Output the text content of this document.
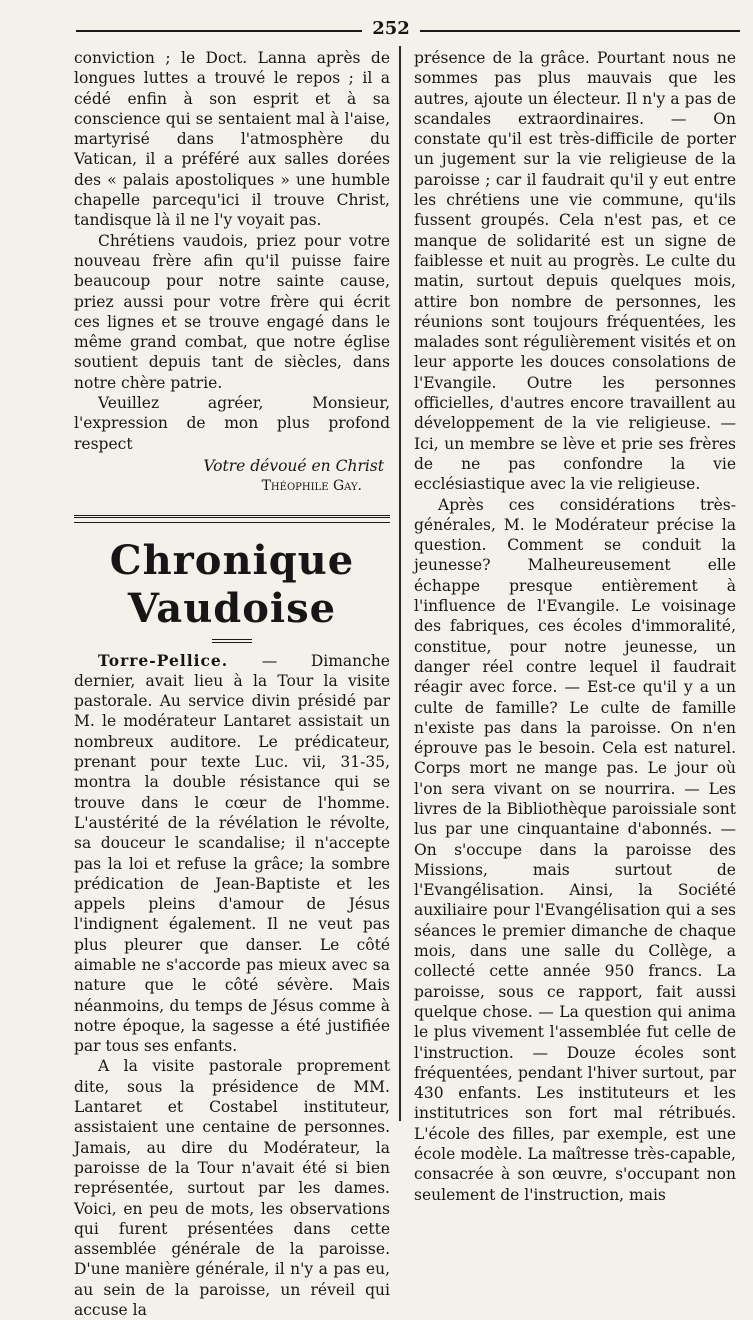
252

conviction ; le Doct. Lanna après de longues luttes a trouvé le repos ; il a cédé enfin à son esprit et à sa conscience qui se sentaient mal à l'aise, martyrisé dans l'atmosphère du Vatican, il a préféré aux salles dorées des « palais apostoliques » une humble chapelle parcequ'ici il trouve Christ, tandisque là il ne l'y voyait pas.

Chrétiens vaudois, priez pour votre nouveau frère afin qu'il puisse faire beaucoup pour notre sainte cause, priez aussi pour votre frère qui écrit ces lignes et se trouve engagé dans le même grand combat, que notre église soutient depuis tant de siècles, dans notre chère patrie.

Veuillez agréer, Monsieur, l'expression de mon plus profond respect

Votre dévoué en Christ

Théophile Gay.

Chronique Vaudoise

Torre-Pellice. — Dimanche dernier, avait lieu à la Tour la visite pastorale. Au service divin présidé par M. le modérateur Lantaret assistait un nombreux auditore. Le prédicateur, prenant pour texte Luc. vii, 31-35, montra la double résistance qui se trouve dans le cœur de l'homme. L'austérité de la révélation le révolte, sa douceur le scandalise; il n'accepte pas la loi et refuse la grâce; la sombre prédication de Jean-Baptiste et les appels pleins d'amour de Jésus l'indignent également. Il ne veut pas plus pleurer que danser. Le côté aimable ne s'accorde pas mieux avec sa nature que le côté sévère. Mais néanmoins, du temps de Jésus comme à notre époque, la sagesse a été justifiée par tous ses enfants.

A la visite pastorale proprement dite, sous la présidence de MM. Lantaret et Costabel instituteur, assistaient une centaine de personnes. Jamais, au dire du Modérateur, la paroisse de la Tour n'avait été si bien représentée, surtout par les dames. Voici, en peu de mots, les observations qui furent présentées dans cette assemblée générale de la paroisse. D'une manière générale, il n'y a pas eu, au sein de la paroisse, un réveil qui accuse la

présence de la grâce. Pourtant nous ne sommes pas plus mauvais que les autres, ajoute un électeur. Il n'y a pas de scandales extraordinaires. — On constate qu'il est très-difficile de porter un jugement sur la vie religieuse de la paroisse ; car il faudrait qu'il y eut entre les chrétiens une vie commune, qu'ils fussent groupés. Cela n'est pas, et ce manque de solidarité est un signe de faiblesse et nuit au progrès. Le culte du matin, surtout depuis quelques mois, attire bon nombre de personnes, les réunions sont toujours fréquentées, les malades sont régulièrement visités et on leur apporte les douces consolations de l'Evangile. Outre les personnes officielles, d'autres encore travaillent au développement de la vie religieuse. — Ici, un membre se lève et prie ses frères de ne pas confondre la vie ecclésiastique avec la vie religieuse.

Après ces considérations très-générales, M. le Modérateur précise la question. Comment se conduit la jeunesse? Malheureusement elle échappe presque entièrement à l'influence de l'Evangile. Le voisinage des fabriques, ces écoles d'immoralité, constitue, pour notre jeunesse, un danger réel contre lequel il faudrait réagir avec force. — Est-ce qu'il y a un culte de famille? Le culte de famille n'existe pas dans la paroisse. On n'en éprouve pas le besoin. Cela est naturel. Corps mort ne mange pas. Le jour où l'on sera vivant on se nourrira. — Les livres de la Bibliothèque paroissiale sont lus par une cinquantaine d'abonnés. — On s'occupe dans la paroisse des Missions, mais surtout de l'Evangélisation. Ainsi, la Société auxiliaire pour l'Evangélisation qui a ses séances le premier dimanche de chaque mois, dans une salle du Collège, a collecté cette année 950 francs. La paroisse, sous ce rapport, fait aussi quelque chose. — La question qui anima le plus vivement l'assemblée fut celle de l'instruction. — Douze écoles sont fréquentées, pendant l'hiver surtout, par 430 enfants. Les instituteurs et les institutrices son fort mal rétribués. L'école des filles, par exemple, est une école modèle. La maîtresse très-capable, consacrée à son œuvre, s'occupant non seulement de l'instruction, mais
